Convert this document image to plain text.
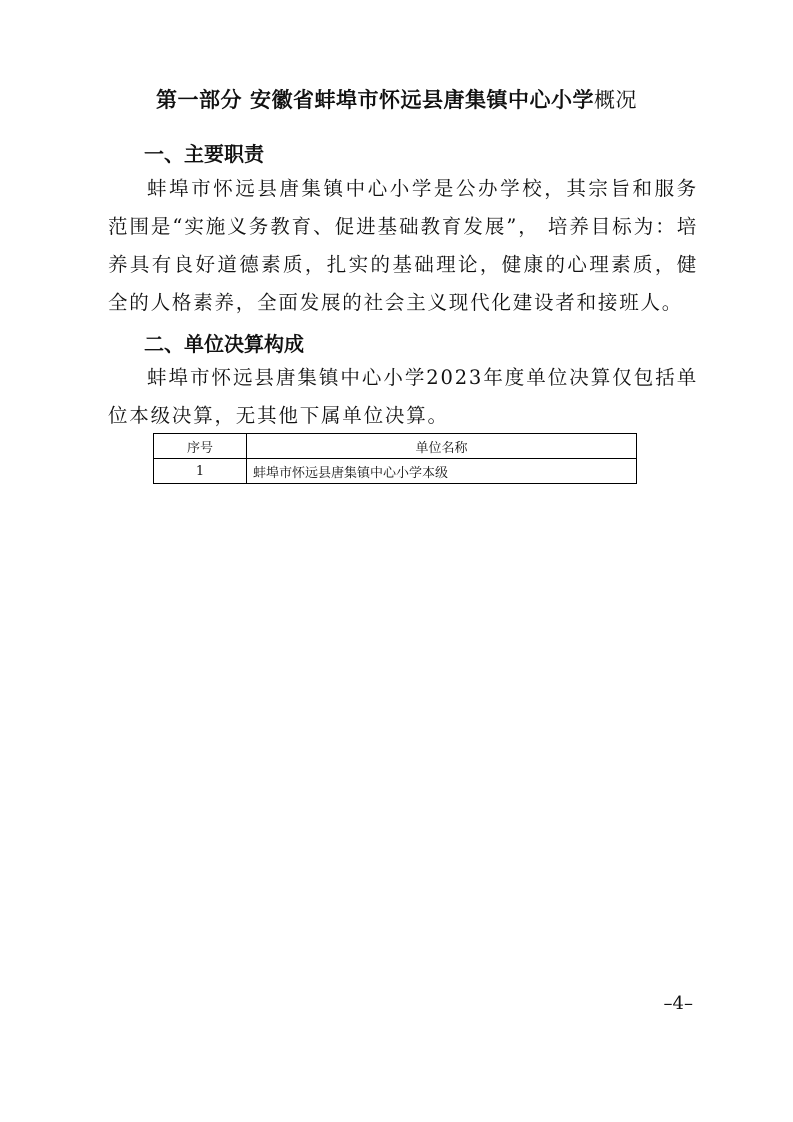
第一部分 安徽省蚌埠市怀远县唐集镇中心小学概况
一、主要职责

蚌埠市怀远县唐集镇中心小学是公办学校，其宗旨和服务范围是“实施义务教育、促进基础教育发展”， 培养目标为：培养具有良好道德素质，扎实的基础理论，健康的心理素质，健全的人格素养，全面发展的社会主义现代化建设者和接班人。

二、单位决算构成

蚌埠市怀远县唐集镇中心小学2023年度单位决算仅包括单位本级决算，无其他下属单位决算。

序号	单位名称
1	蚌埠市怀远县唐集镇中心小学本级
–4–
